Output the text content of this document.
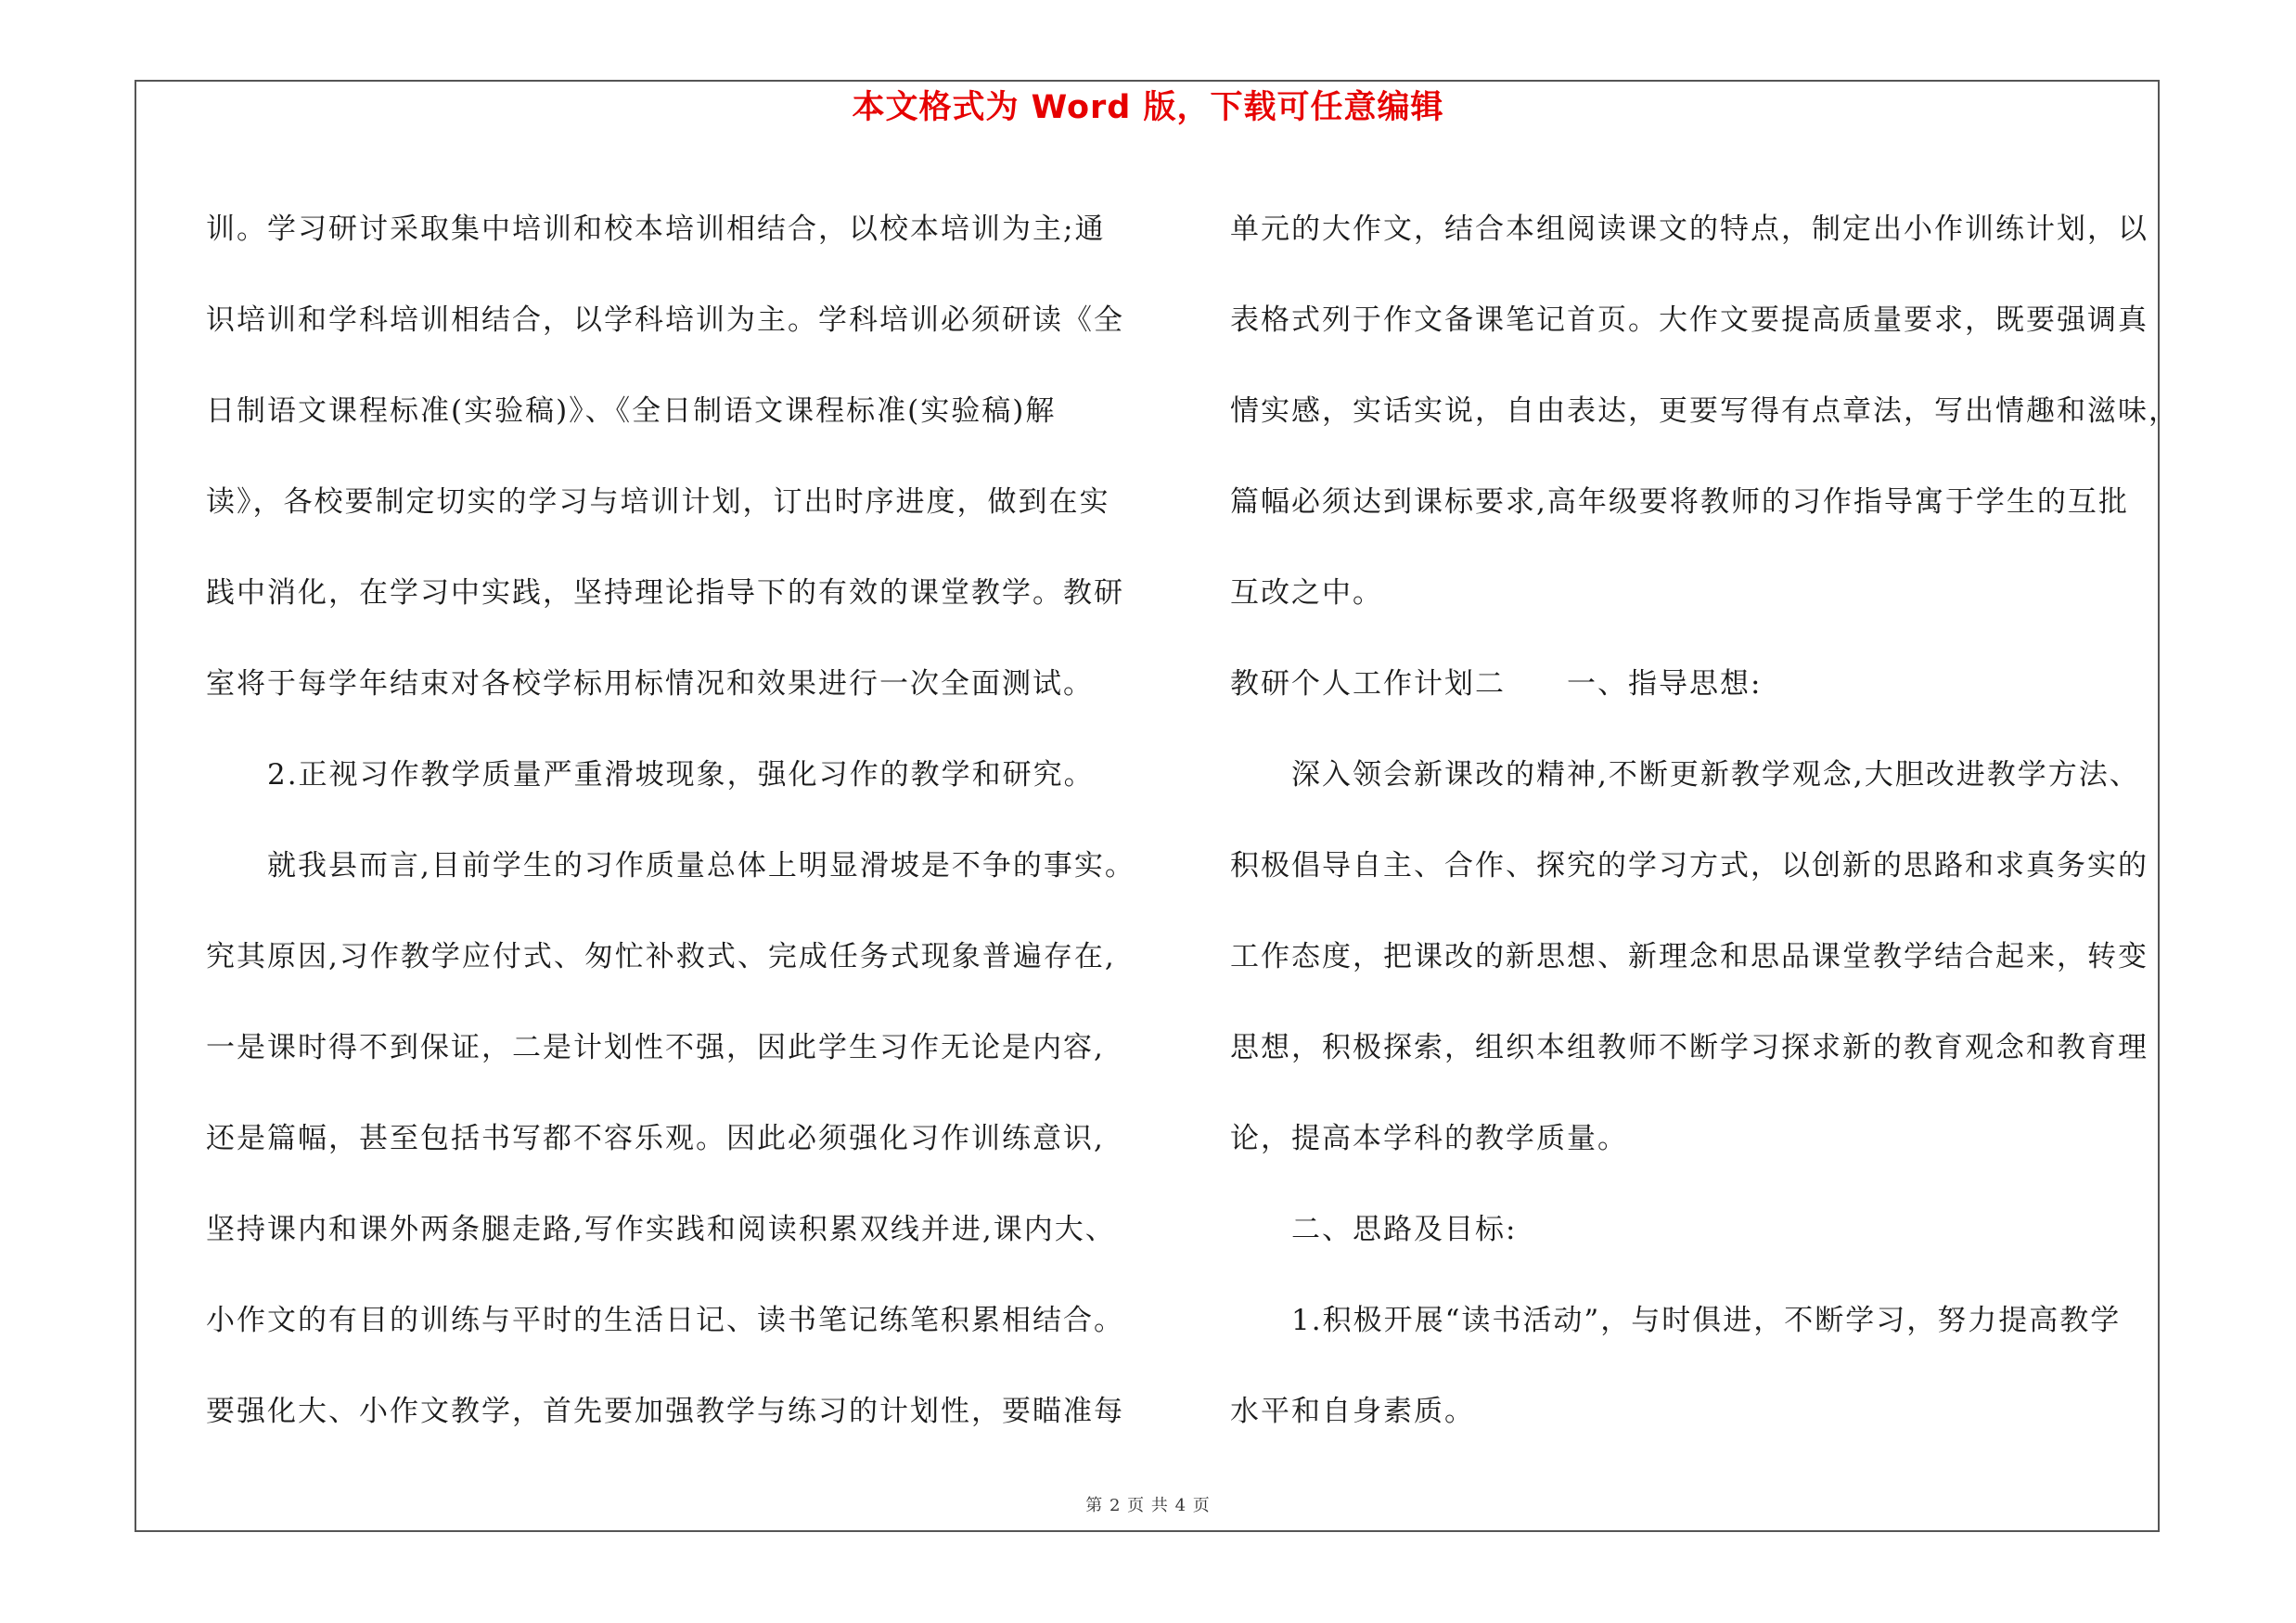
本文格式为 Word 版，下载可任意编辑

训。学习研讨采取集中培训和校本培训相结合，以校本培训为主;通

识培训和学科培训相结合，以学科培训为主。学科培训必须研读《全

日制语文课程标准(实验稿)》、《全日制语文课程标准(实验稿)解

读》，各校要制定切实的学习与培训计划，订出时序进度，做到在实

践中消化，在学习中实践，坚持理论指导下的有效的课堂教学。教研

室将于每学年结束对各校学标用标情况和效果进行一次全面测试。

　　2.正视习作教学质量严重滑坡现象，强化习作的教学和研究。

　　就我县而言,目前学生的习作质量总体上明显滑坡是不争的事实。

究其原因,习作教学应付式、匆忙补救式、完成任务式现象普遍存在,

一是课时得不到保证，二是计划性不强，因此学生习作无论是内容,

还是篇幅，甚至包括书写都不容乐观。因此必须强化习作训练意识,

坚持课内和课外两条腿走路,写作实践和阅读积累双线并进,课内大、

小作文的有目的训练与平时的生活日记、读书笔记练笔积累相结合。

要强化大、小作文教学，首先要加强教学与练习的计划性，要瞄准每

单元的大作文，结合本组阅读课文的特点，制定出小作训练计划，以

表格式列于作文备课笔记首页。大作文要提高质量要求，既要强调真

情实感，实话实说，自由表达，更要写得有点章法，写出情趣和滋味，

篇幅必须达到课标要求,高年级要将教师的习作指导寓于学生的互批

互改之中。

教研个人工作计划二　　一、指导思想:

　　深入领会新课改的精神,不断更新教学观念,大胆改进教学方法、

积极倡导自主、合作、探究的学习方式，以创新的思路和求真务实的

工作态度，把课改的新思想、新理念和思品课堂教学结合起来，转变

思想，积极探索，组织本组教师不断学习探求新的教育观念和教育理

论，提高本学科的教学质量。

　　二、思路及目标:

　　1.积极开展“读书活动”，与时俱进，不断学习，努力提高教学

水平和自身素质。

第 2 页 共 4 页
